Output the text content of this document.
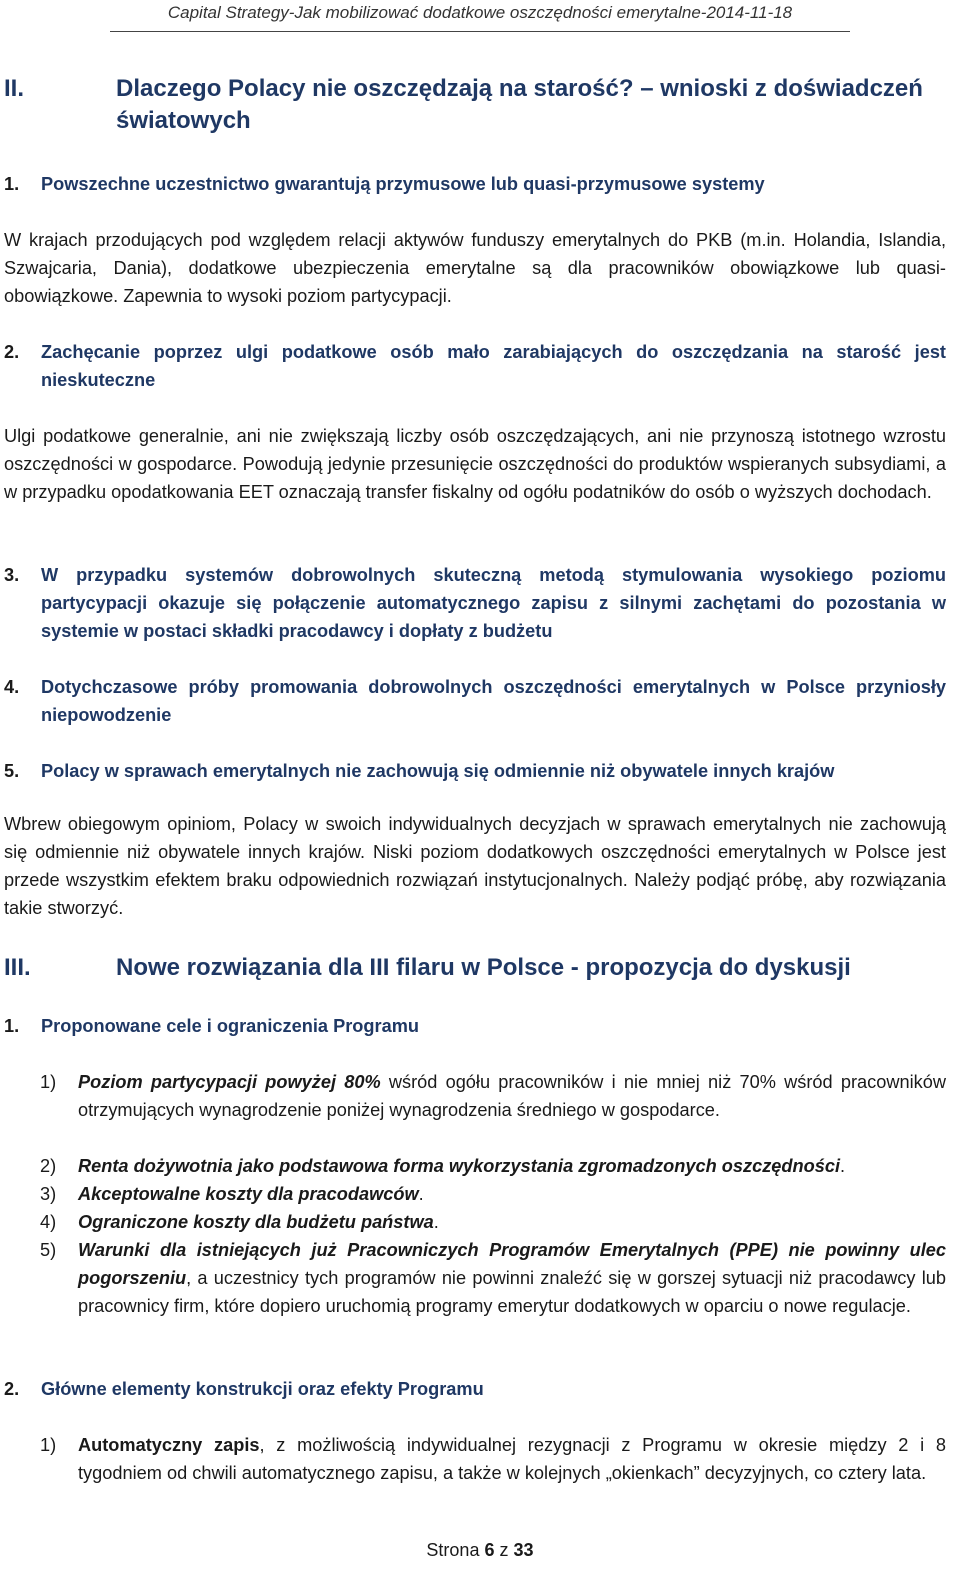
Capital Strategy-Jak mobilizować dodatkowe oszczędności emerytalne-2014-11-18
II.	Dlaczego Polacy nie oszczędzają na starość? – wnioski z doświadczeń światowych
1. Powszechne uczestnictwo gwarantują przymusowe lub quasi-przymusowe systemy
W krajach przodujących pod względem relacji aktywów funduszy emerytalnych do PKB (m.in. Holandia, Islandia, Szwajcaria, Dania), dodatkowe ubezpieczenia emerytalne są dla pracowników obowiązkowe lub quasi-obowiązkowe. Zapewnia to wysoki poziom partycypacji.
2. Zachęcanie poprzez ulgi podatkowe osób mało zarabiających do oszczędzania na starość jest nieskuteczne
Ulgi podatkowe generalnie, ani nie zwiększają liczby osób oszczędzających, ani nie przynoszą istotnego wzrostu oszczędności w gospodarce. Powodują jedynie przesunięcie oszczędności do produktów wspieranych subsydiami, a w przypadku opodatkowania EET oznaczają transfer fiskalny od ogółu podatników do osób o wyższych dochodach.
3. W przypadku systemów dobrowolnych skuteczną metodą stymulowania wysokiego poziomu partycypacji okazuje się połączenie automatycznego zapisu z silnymi zachętami do pozostania w systemie w postaci składki pracodawcy i dopłaty z budżetu
4. Dotychczasowe próby promowania dobrowolnych oszczędności emerytalnych w Polsce przyniosły niepowodzenie
5. Polacy w sprawach emerytalnych nie zachowują się odmiennie niż obywatele innych krajów
Wbrew obiegowym opiniom, Polacy w swoich indywidualnych decyzjach w sprawach emerytalnych nie zachowują się odmiennie niż obywatele innych krajów. Niski poziom dodatkowych oszczędności emerytalnych w Polsce jest przede wszystkim efektem braku odpowiednich rozwiązań instytucjonalnych. Należy podjąć próbę, aby rozwiązania takie stworzyć.
III.	Nowe rozwiązania dla III filaru w Polsce - propozycja do dyskusji
1. Proponowane cele i ograniczenia Programu
1) Poziom partycypacji powyżej 80% wśród ogółu pracowników i nie mniej niż 70% wśród pracowników otrzymujących wynagrodzenie poniżej wynagrodzenia średniego w gospodarce.
2) Renta dożywotnia jako podstawowa forma wykorzystania zgromadzonych oszczędności.
3) Akceptowalne koszty dla pracodawców.
4) Ograniczone koszty dla budżetu państwa.
5) Warunki dla istniejących już Pracowniczych Programów Emerytalnych (PPE) nie powinny ulec pogorszeniu, a uczestnicy tych programów nie powinni znaleźć się w gorszej sytuacji niż pracodawcy lub pracownicy firm, które dopiero uruchomią programy emerytur dodatkowych w oparciu o nowe regulacje.
2. Główne elementy konstrukcji oraz efekty Programu
1) Automatyczny zapis, z możliwością indywidualnej rezygnacji z Programu w okresie między 2 i 8 tygodniem od chwili automatycznego zapisu, a także w kolejnych „okienkach” decyzyjnych, co cztery lata.
Strona 6 z 33
